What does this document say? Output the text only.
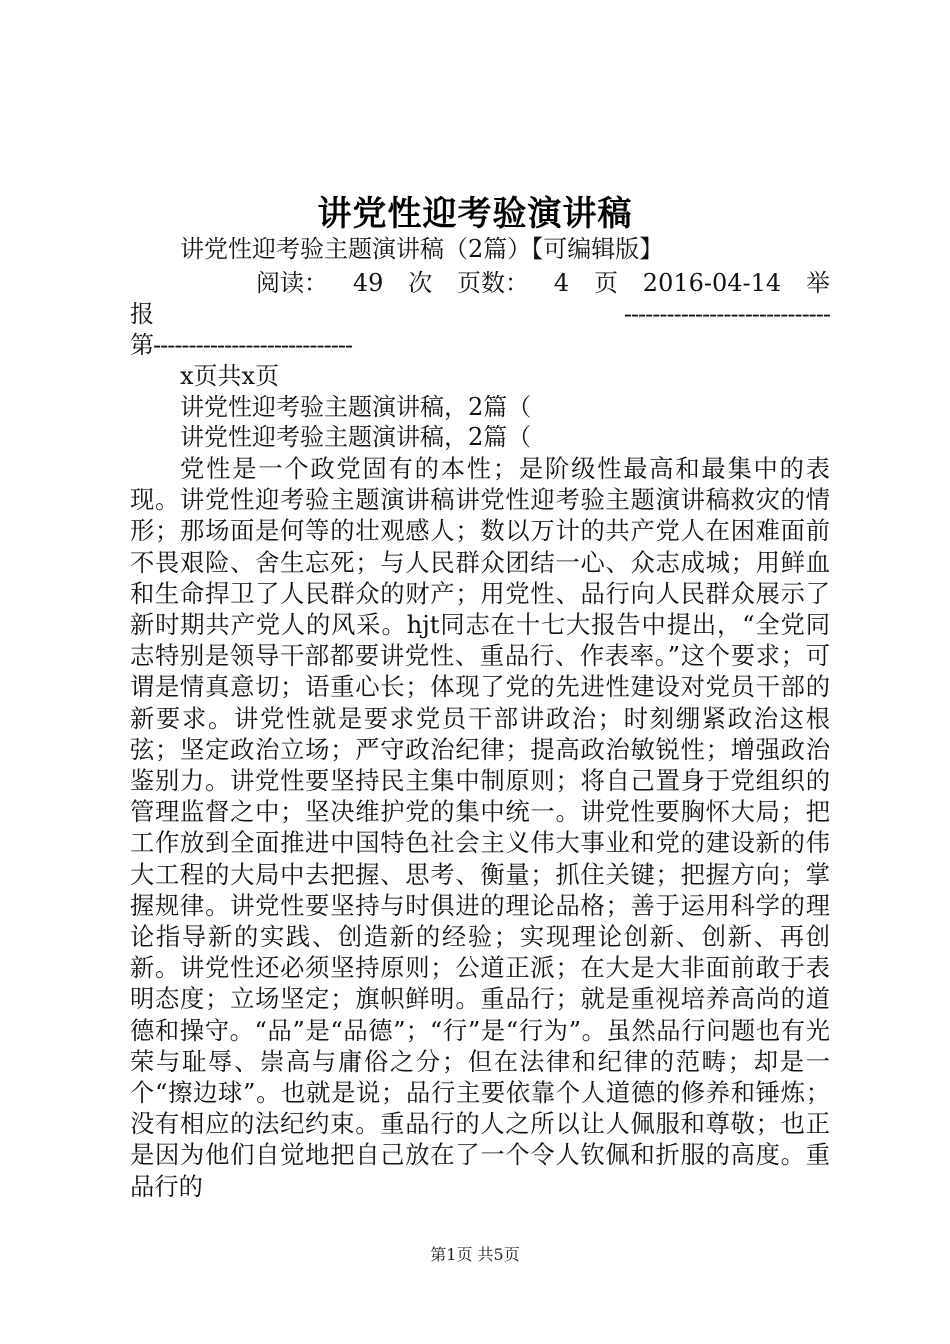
讲党性迎考验演讲稿
讲党性迎考验主题演讲稿（2篇）【可编辑版】
阅读： 49 次 页数： 4 页 2016-04-14 举
报	-----------------------------
第----------------------------
x页共x页
讲党性迎考验主题演讲稿，2篇（
讲党性迎考验主题演讲稿，2篇（
党性是一个政党固有的本性；是阶级性最高和最集中的表现。讲党性迎考验主题演讲稿讲党性迎考验主题演讲稿救灾的情形；那场面是何等的壮观感人；数以万计的共产党人在困难面前不畏艰险、舍生忘死；与人民群众团结一心、众志成城；用鲜血和生命捍卫了人民群众的财产；用党性、品行向人民群众展示了新时期共产党人的风采。hjt同志在十七大报告中提出，“全党同志特别是领导干部都要讲党性、重品行、作表率。”这个要求；可谓是情真意切；语重心长；体现了党的先进性建设对党员干部的新要求。讲党性就是要求党员干部讲政治；时刻绷紧政治这根弦；坚定政治立场；严守政治纪律；提高政治敏锐性；增强政治鉴别力。讲党性要坚持民主集中制原则；将自己置身于党组织的管理监督之中；坚决维护党的集中统一。讲党性要胸怀大局；把工作放到全面推进中国特色社会主义伟大事业和党的建设新的伟大工程的大局中去把握、思考、衡量；抓住关键；把握方向；掌握规律。讲党性要坚持与时俱进的理论品格；善于运用科学的理论指导新的实践、创造新的经验；实现理论创新、创新、再创新。讲党性还必须坚持原则；公道正派；在大是大非面前敢于表明态度；立场坚定；旗帜鲜明。重品行；就是重视培养高尚的道德和操守。“品”是“品德”；“行”是“行为”。虽然品行问题也有光荣与耻辱、崇高与庸俗之分；但在法律和纪律的范畴；却是一个“擦边球”。也就是说；品行主要依靠个人道德的修养和锤炼；没有相应的法纪约束。重品行的人之所以让人佩服和尊敬；也正是因为他们自觉地把自己放在了一个令人钦佩和折服的高度。重品行的
第1页 共5页
